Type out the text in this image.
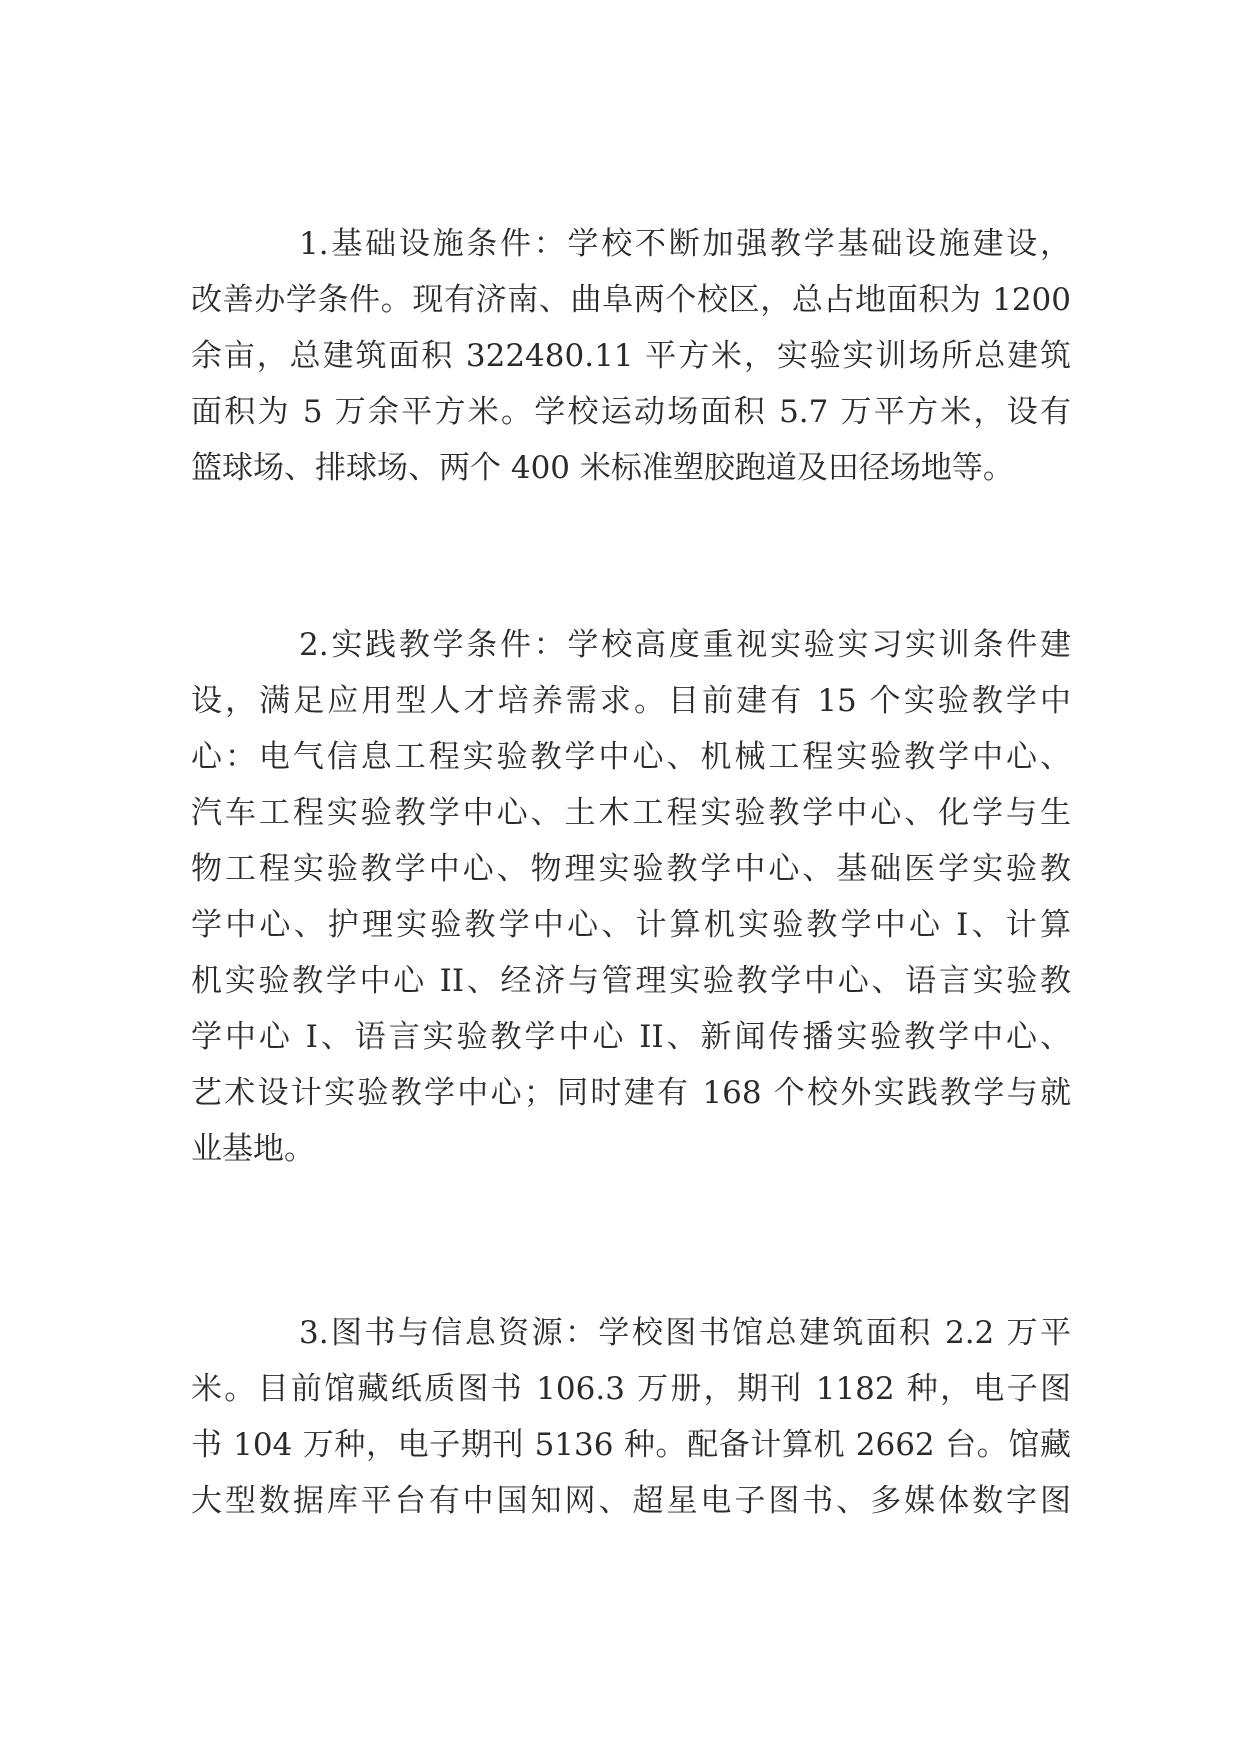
1.基础设施条件：学校不断加强教学基础设施建设，
改善办学条件。现有济南、曲阜两个校区，总占地面积为 1200
余亩，总建筑面积 322480.11 平方米，实验实训场所总建筑
面积为 5 万余平方米。学校运动场面积 5.7 万平方米，设有
篮球场、排球场、两个 400 米标准塑胶跑道及田径场地等。

2.实践教学条件：学校高度重视实验实习实训条件建
设，满足应用型人才培养需求。目前建有 15 个实验教学中
心：电气信息工程实验教学中心、机械工程实验教学中心、
汽车工程实验教学中心、土木工程实验教学中心、化学与生
物工程实验教学中心、物理实验教学中心、基础医学实验教
学中心、护理实验教学中心、计算机实验教学中心 I、计算
机实验教学中心 II、经济与管理实验教学中心、语言实验教
学中心 I、语言实验教学中心 II、新闻传播实验教学中心、
艺术设计实验教学中心；同时建有 168 个校外实践教学与就
业基地。

3.图书与信息资源：学校图书馆总建筑面积 2.2 万平
米。目前馆藏纸质图书 106.3 万册，期刊 1182 种，电子图
书 104 万种，电子期刊 5136 种。配备计算机 2662 台。馆藏
大型数据库平台有中国知网、超星电子图书、多媒体数字图
